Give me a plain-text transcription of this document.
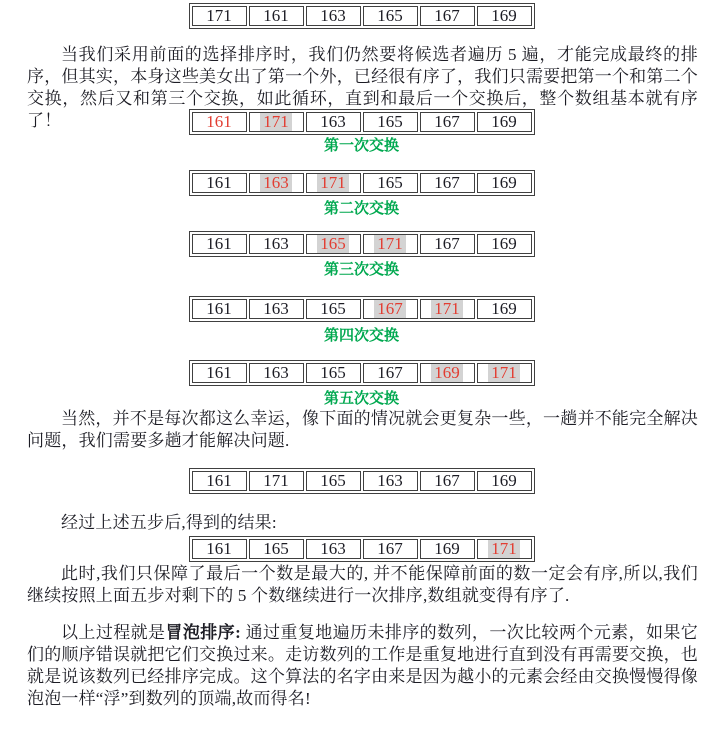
171	161	163	165	167	169
当我们采用前面的选择排序时，我们仍然要将候选者遍历 5 遍，才能完成最终的排序，但其实，本身这些美女出了第一个外，已经很有序了，我们只需要把第一个和第二个交换，然后又和第三个交换，如此循环，直到和最后一个交换后，整个数组基本就有序了！	161	171	163	165	167	169
第一次交换
161	163	171	165	167	169
第二次交换
161	163	165	171	167	169
第三次交换
161	163	165	167	171	169
第四次交换
161	163	165	167	169	171
第五次交换
当然，并不是每次都这么幸运，像下面的情况就会更复杂一些，一趟并不能完全解决问题，我们需要多趟才能解决问题.
161	171	165	163	167	169
经过上述五步后,得到的结果:
161	165	163	167	169	171
此时,我们只保障了最后一个数是最大的, 并不能保障前面的数一定会有序,所以,我们继续按照上面五步对剩下的 5 个数继续进行一次排序,数组就变得有序了.
以上过程就是冒泡排序: 通过重复地遍历未排序的数列，一次比较两个元素，如果它们的顺序错误就把它们交换过来。走访数列的工作是重复地进行直到没有再需要交换，也就是说该数列已经排序完成。这个算法的名字由来是因为越小的元素会经由交换慢慢得像泡泡一样“浮”到数列的顶端,故而得名!
